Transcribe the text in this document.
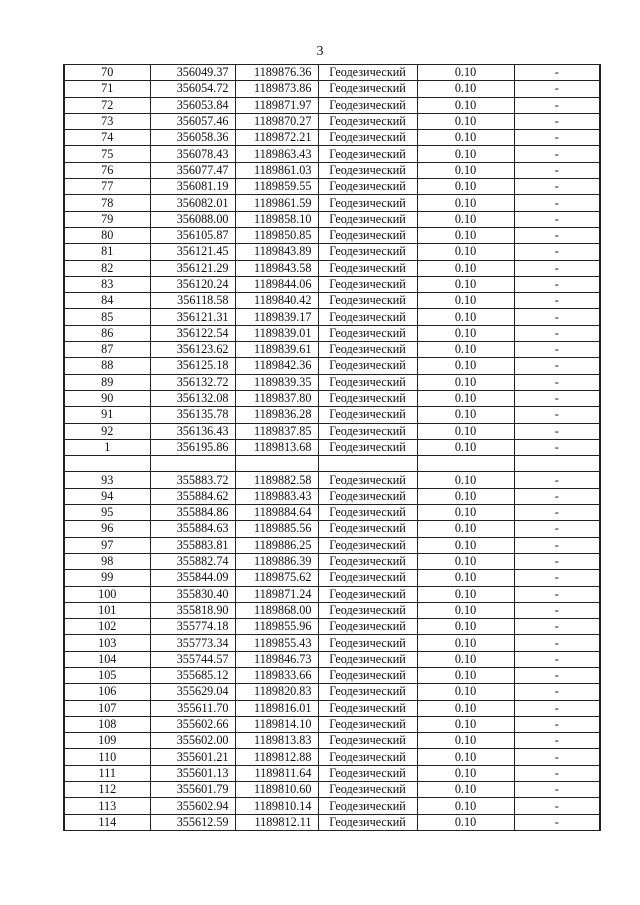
3
70	356049.37	1189876.36	Геодезический	0.10	-
71	356054.72	1189873.86	Геодезический	0.10	-
72	356053.84	1189871.97	Геодезический	0.10	-
73	356057.46	1189870.27	Геодезический	0.10	-
74	356058.36	1189872.21	Геодезический	0.10	-
75	356078.43	1189863.43	Геодезический	0.10	-
76	356077.47	1189861.03	Геодезический	0.10	-
77	356081.19	1189859.55	Геодезический	0.10	-
78	356082.01	1189861.59	Геодезический	0.10	-
79	356088.00	1189858.10	Геодезический	0.10	-
80	356105.87	1189850.85	Геодезический	0.10	-
81	356121.45	1189843.89	Геодезический	0.10	-
82	356121.29	1189843.58	Геодезический	0.10	-
83	356120.24	1189844.06	Геодезический	0.10	-
84	356118.58	1189840.42	Геодезический	0.10	-
85	356121.31	1189839.17	Геодезический	0.10	-
86	356122.54	1189839.01	Геодезический	0.10	-
87	356123.62	1189839.61	Геодезический	0.10	-
88	356125.18	1189842.36	Геодезический	0.10	-
89	356132.72	1189839.35	Геодезический	0.10	-
90	356132.08	1189837.80	Геодезический	0.10	-
91	356135.78	1189836.28	Геодезический	0.10	-
92	356136.43	1189837.85	Геодезический	0.10	-
1	356195.86	1189813.68	Геодезический	0.10	-

93	355883.72	1189882.58	Геодезический	0.10	-
94	355884.62	1189883.43	Геодезический	0.10	-
95	355884.86	1189884.64	Геодезический	0.10	-
96	355884.63	1189885.56	Геодезический	0.10	-
97	355883.81	1189886.25	Геодезический	0.10	-
98	355882.74	1189886.39	Геодезический	0.10	-
99	355844.09	1189875.62	Геодезический	0.10	-
100	355830.40	1189871.24	Геодезический	0.10	-
101	355818.90	1189868.00	Геодезический	0.10	-
102	355774.18	1189855.96	Геодезический	0.10	-
103	355773.34	1189855.43	Геодезический	0.10	-
104	355744.57	1189846.73	Геодезический	0.10	-
105	355685.12	1189833.66	Геодезический	0.10	-
106	355629.04	1189820.83	Геодезический	0.10	-
107	355611.70	1189816.01	Геодезический	0.10	-
108	355602.66	1189814.10	Геодезический	0.10	-
109	355602.00	1189813.83	Геодезический	0.10	-
110	355601.21	1189812.88	Геодезический	0.10	-
111	355601.13	1189811.64	Геодезический	0.10	-
112	355601.79	1189810.60	Геодезический	0.10	-
113	355602.94	1189810.14	Геодезический	0.10	-
114	355612.59	1189812.11	Геодезический	0.10	-
